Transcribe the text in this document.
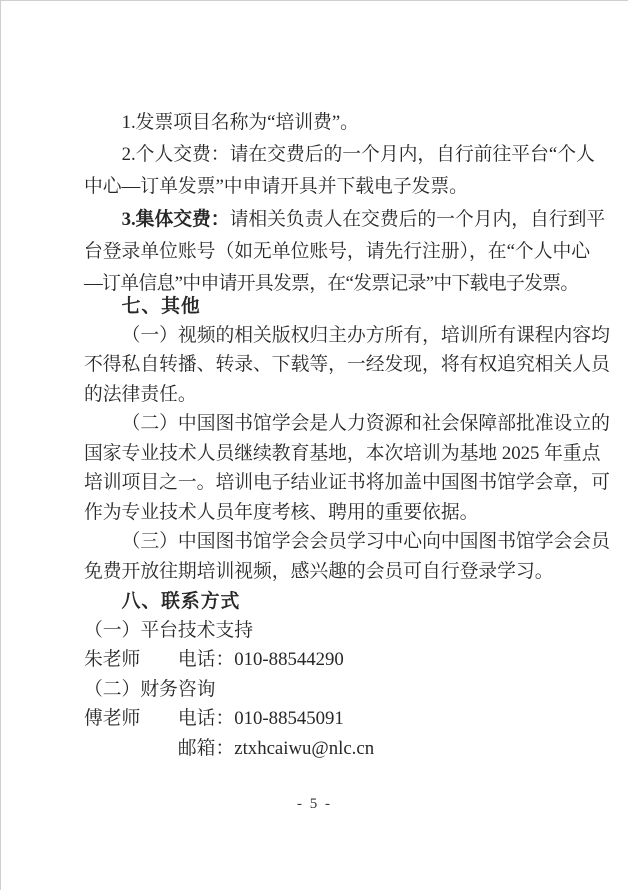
1.发票项目名称为“培训费”。
2.个人交费：请在交费后的一个月内，自行前往平台“个人
中心—订单发票”中申请开具并下载电子发票。
3.集体交费：请相关负责人在交费后的一个月内，自行到平
台登录单位账号（如无单位账号，请先行注册），在“个人中心
—订单信息”中申请开具发票，在“发票记录”中下载电子发票。
七、其他
（一）视频的相关版权归主办方所有，培训所有课程内容均
不得私自转播、转录、下载等，一经发现，将有权追究相关人员
的法律责任。
（二）中国图书馆学会是人力资源和社会保障部批准设立的
国家专业技术人员继续教育基地，本次培训为基地 2025 年重点
培训项目之一。培训电子结业证书将加盖中国图书馆学会章，可
作为专业技术人员年度考核、聘用的重要依据。
（三）中国图书馆学会会员学习中心向中国图书馆学会会员
免费开放往期培训视频，感兴趣的会员可自行登录学习。
八、联系方式
（一）平台技术支持
朱老师　　电话：010-88544290
（二）财务咨询
傅老师　　电话：010-88545091
　　　　　邮箱：ztxhcaiwu@nlc.cn
- 5 -
